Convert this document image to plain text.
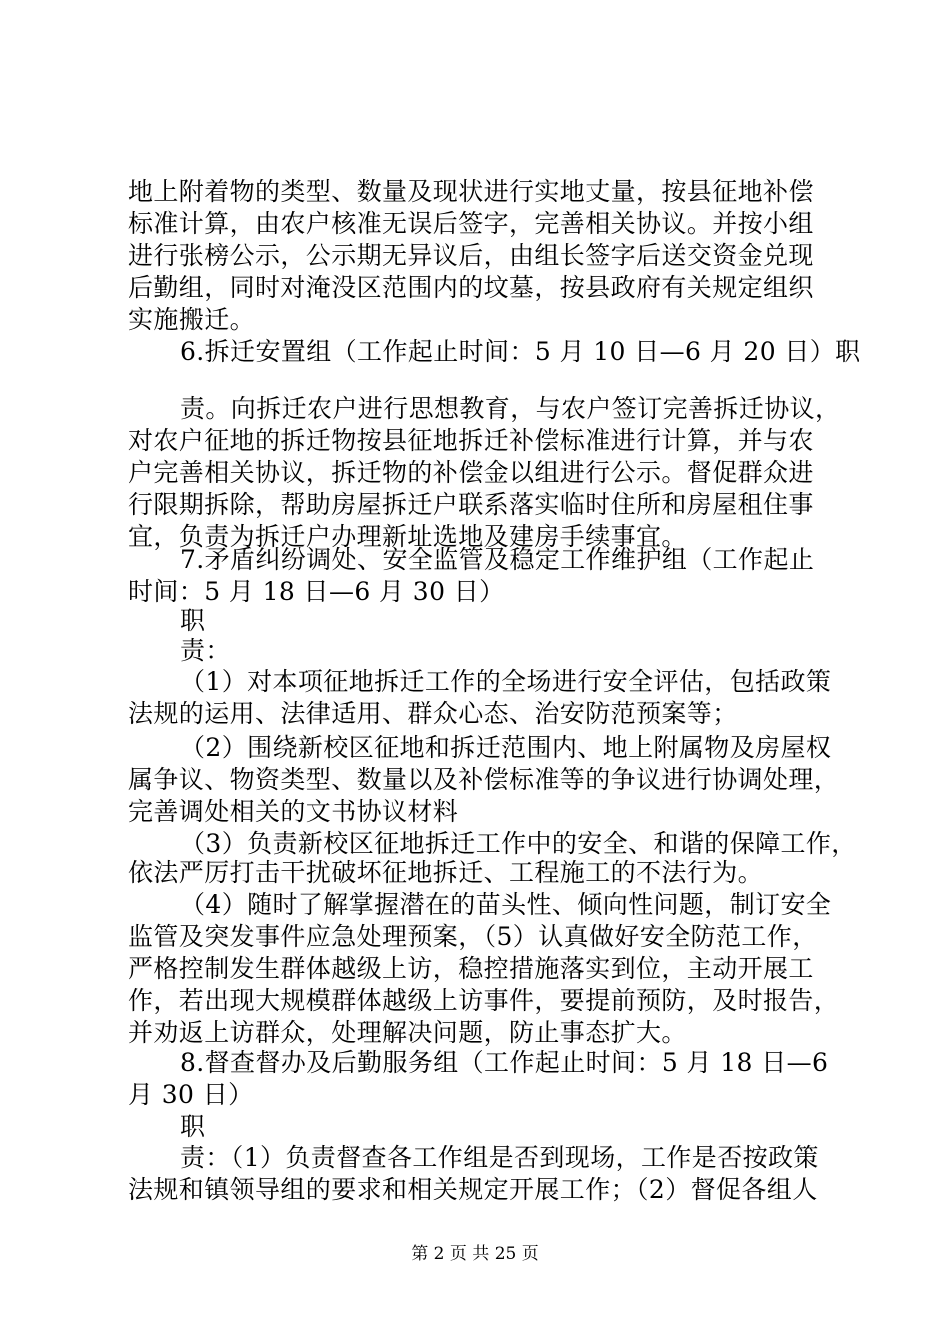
地上附着物的类型、数量及现状进行实地丈量，按县征地补偿
标准计算，由农户核准无误后签字，完善相关协议。并按小组
进行张榜公示，公示期无异议后，由组长签字后送交资金兑现
后勤组，同时对淹没区范围内的坟墓，按县政府有关规定组织
实施搬迁。
6.拆迁安置组（工作起止时间：5 月 10 日—6 月 20 日）职
责。向拆迁农户进行思想教育，与农户签订完善拆迁协议，
对农户征地的拆迁物按县征地拆迁补偿标准进行计算，并与农
户完善相关协议，拆迁物的补偿金以组进行公示。督促群众进
行限期拆除，帮助房屋拆迁户联系落实临时住所和房屋租住事
宜，负责为拆迁户办理新址选地及建房手续事宜。
7.矛盾纠纷调处、安全监管及稳定工作维护组（工作起止
时间：5 月 18 日—6 月 30 日）
职
责：
（1）对本项征地拆迁工作的全场进行安全评估，包括政策
法规的运用、法律适用、群众心态、治安防范预案等；
（2）围绕新校区征地和拆迁范围内、地上附属物及房屋权
属争议、物资类型、数量以及补偿标准等的争议进行协调处理，
完善调处相关的文书协议材料
（3）负责新校区征地拆迁工作中的安全、和谐的保障工作，
依法严厉打击干扰破坏征地拆迁、工程施工的不法行为。
（4）随时了解掌握潜在的苗头性、倾向性问题，制订安全
监管及突发事件应急处理预案，（5）认真做好安全防范工作，
严格控制发生群体越级上访，稳控措施落实到位，主动开展工
作，若出现大规模群体越级上访事件，要提前预防，及时报告，
并劝返上访群众，处理解决问题，防止事态扩大。
8.督查督办及后勤服务组（工作起止时间：5 月 18 日—6
月 30 日）
职
责：（1）负责督查各工作组是否到现场，工作是否按政策
法规和镇领导组的要求和相关规定开展工作；（2）督促各组人
第 2 页 共 25 页
